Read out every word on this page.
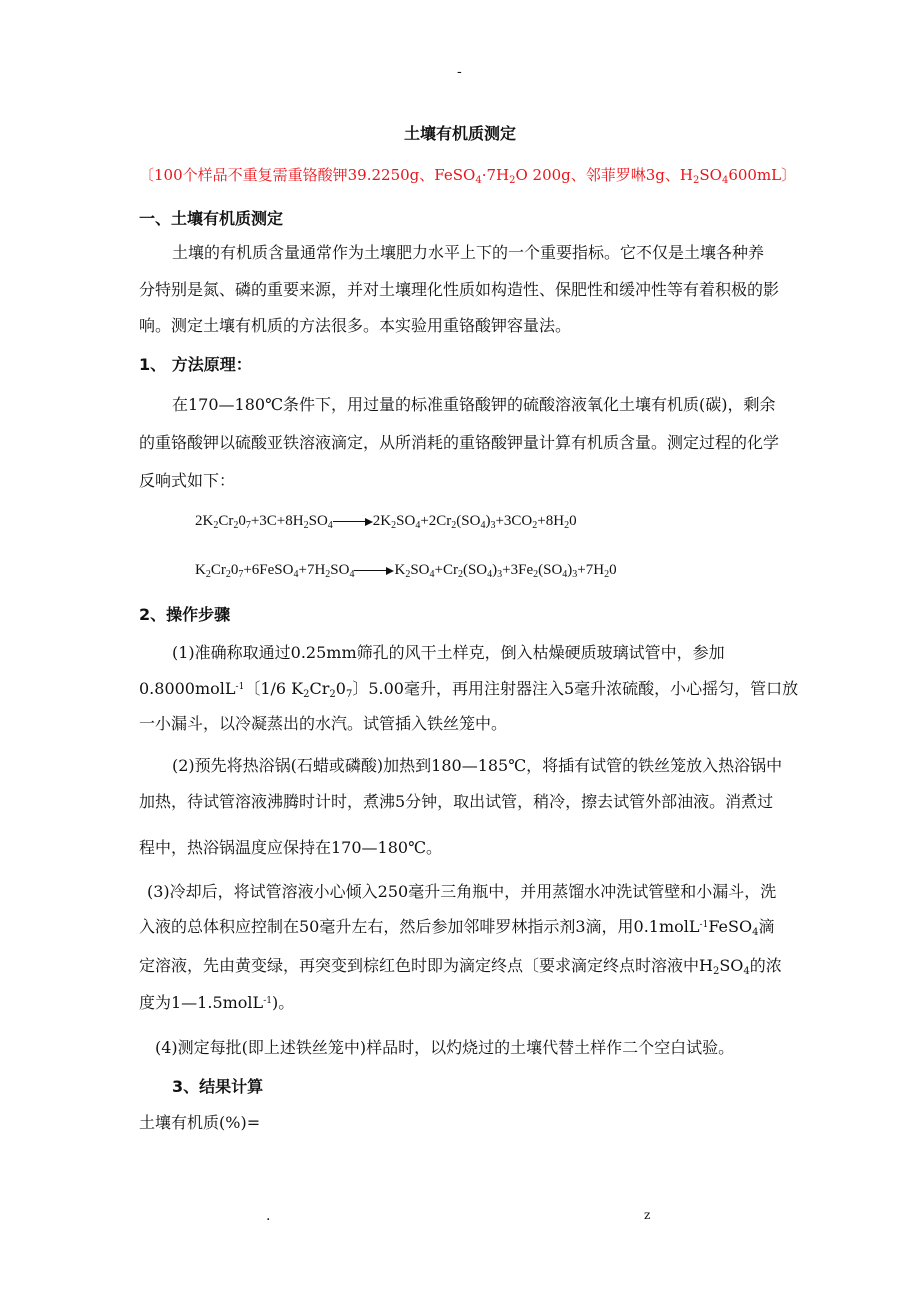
-
土壤有机质测定
〔100个样品不重复需重铬酸钾39.2250g、$FeSO_4\cdot 7H_2O$ 200g、邻菲罗啉3g、$H_2SO_4600mL$〕
一、土壤有机质测定
土壤的有机质含量通常作为土壤肥力水平上下的一个重要指标。它不仅是土壤各种养
分特别是氮、磷的重要来源，并对土壤理化性质如构造性、保肥性和缓冲性等有着积极的影
响。测定土壤有机质的方法很多。本实验用重铬酸钾容量法。
1、 方法原理：
在170—180℃条件下，用过量的标准重铬酸钾的硫酸溶液氧化土壤有机质(碳)，剩余
的重铬酸钾以硫酸亚铁溶液滴定，从所消耗的重铬酸钾量计算有机质含量。测定过程的化学
反响式如下：
$2K_2Cr_20_7+3C+8H_2SO_4$	$2K_2SO_4+2Cr_2(SO_4)_3+3CO_2+8H_20$
$K_2Cr_20_7+6FeSO_4+7H_2SO_4$	$K_2SO_4+Cr_2(SO_4)_3+3Fe_2(SO_4)_3+7H_20$
2、操作步骤
(1)准确称取通过0.25mm筛孔的风干土样克，倒入枯燥硬质玻璃试管中，参加
0.8000molL$^{-1}$〔1/6 $K_2Cr_20_7$〕5.00毫升，再用注射器注入5毫升浓硫酸，小心摇匀，管口放
一小漏斗，以冷凝蒸出的水汽。试管插入铁丝笼中。
(2)预先将热浴锅(石蜡或磷酸)加热到180—185℃，将插有试管的铁丝笼放入热浴锅中
加热，待试管溶液沸腾时计时，煮沸5分钟，取出试管，稍冷，擦去试管外部油液。消煮过
程中，热浴锅温度应保持在170—180℃。
(3)冷却后，将试管溶液小心倾入250毫升三角瓶中，并用蒸馏水冲洗试管壁和小漏斗，洗
入液的总体积应控制在50毫升左右，然后参加邻啡罗林指示剂3滴，用0.1molL$^{-1}$FeSO$_4$滴
定溶液，先由黄变绿，再突变到棕红色时即为滴定终点〔要求滴定终点时溶液中$H_2SO_4$的浓
度为1—1.5molL$^{-1}$)。
(4)测定每批(即上述铁丝笼中)样品时，以灼烧过的土壤代替土样作二个空白试验。
3、结果计算
土壤有机质(%)=
.	z
